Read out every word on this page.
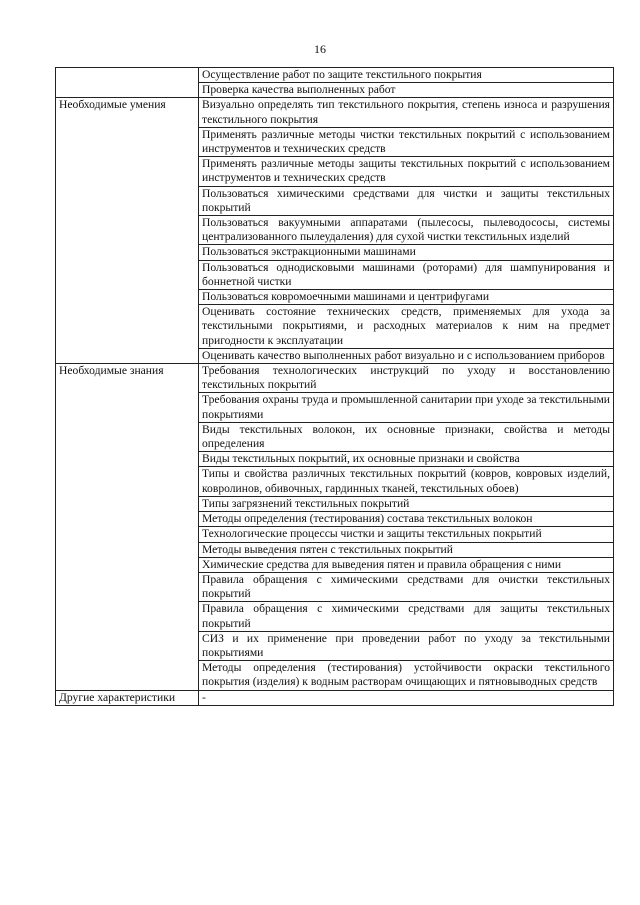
16
	Осуществление работ по защите текстильного покрытия
	Проверка качества выполненных работ
Необходимые умения	Визуально определять тип текстильного покрытия, степень износа и разрушения текстильного покрытия
	Применять различные методы чистки текстильных покрытий с использованием инструментов и технических средств
	Применять различные методы защиты текстильных покрытий с использованием инструментов и технических средств
	Пользоваться химическими средствами для чистки и защиты текстильных покрытий
	Пользоваться вакуумными аппаратами (пылесосы, пылеводососы, системы централизованного пылеудаления) для сухой чистки текстильных изделий
	Пользоваться экстракционными машинами
	Пользоваться однодисковыми машинами (роторами) для шампунирования и боннетной чистки
	Пользоваться ковромоечными машинами и центрифугами
	Оценивать состояние технических средств, применяемых для ухода за текстильными покрытиями, и расходных материалов к ним на предмет пригодности к эксплуатации
	Оценивать качество выполненных работ визуально и с использованием приборов
Необходимые знания	Требования технологических инструкций по уходу и восстановлению текстильных покрытий
	Требования охраны труда и промышленной санитарии при уходе за текстильными покрытиями
	Виды текстильных волокон, их основные признаки, свойства и методы определения
	Виды текстильных покрытий, их основные признаки и свойства
	Типы и свойства различных текстильных покрытий (ковров, ковровых изделий, ковролинов, обивочных, гардинных тканей, текстильных обоев)
	Типы загрязнений текстильных покрытий
	Методы определения (тестирования) состава текстильных волокон
	Технологические процессы чистки и защиты текстильных покрытий
	Методы выведения пятен с текстильных покрытий
	Химические средства для выведения пятен и правила обращения с ними
	Правила обращения с химическими средствами для очистки текстильных покрытий
	Правила обращения с химическими средствами для защиты текстильных покрытий
	СИЗ и их применение при проведении работ по уходу за текстильными покрытиями
	Методы определения (тестирования) устойчивости окраски текстильного покрытия (изделия) к водным растворам очищающих и пятновыводных средств
Другие характеристики	-
